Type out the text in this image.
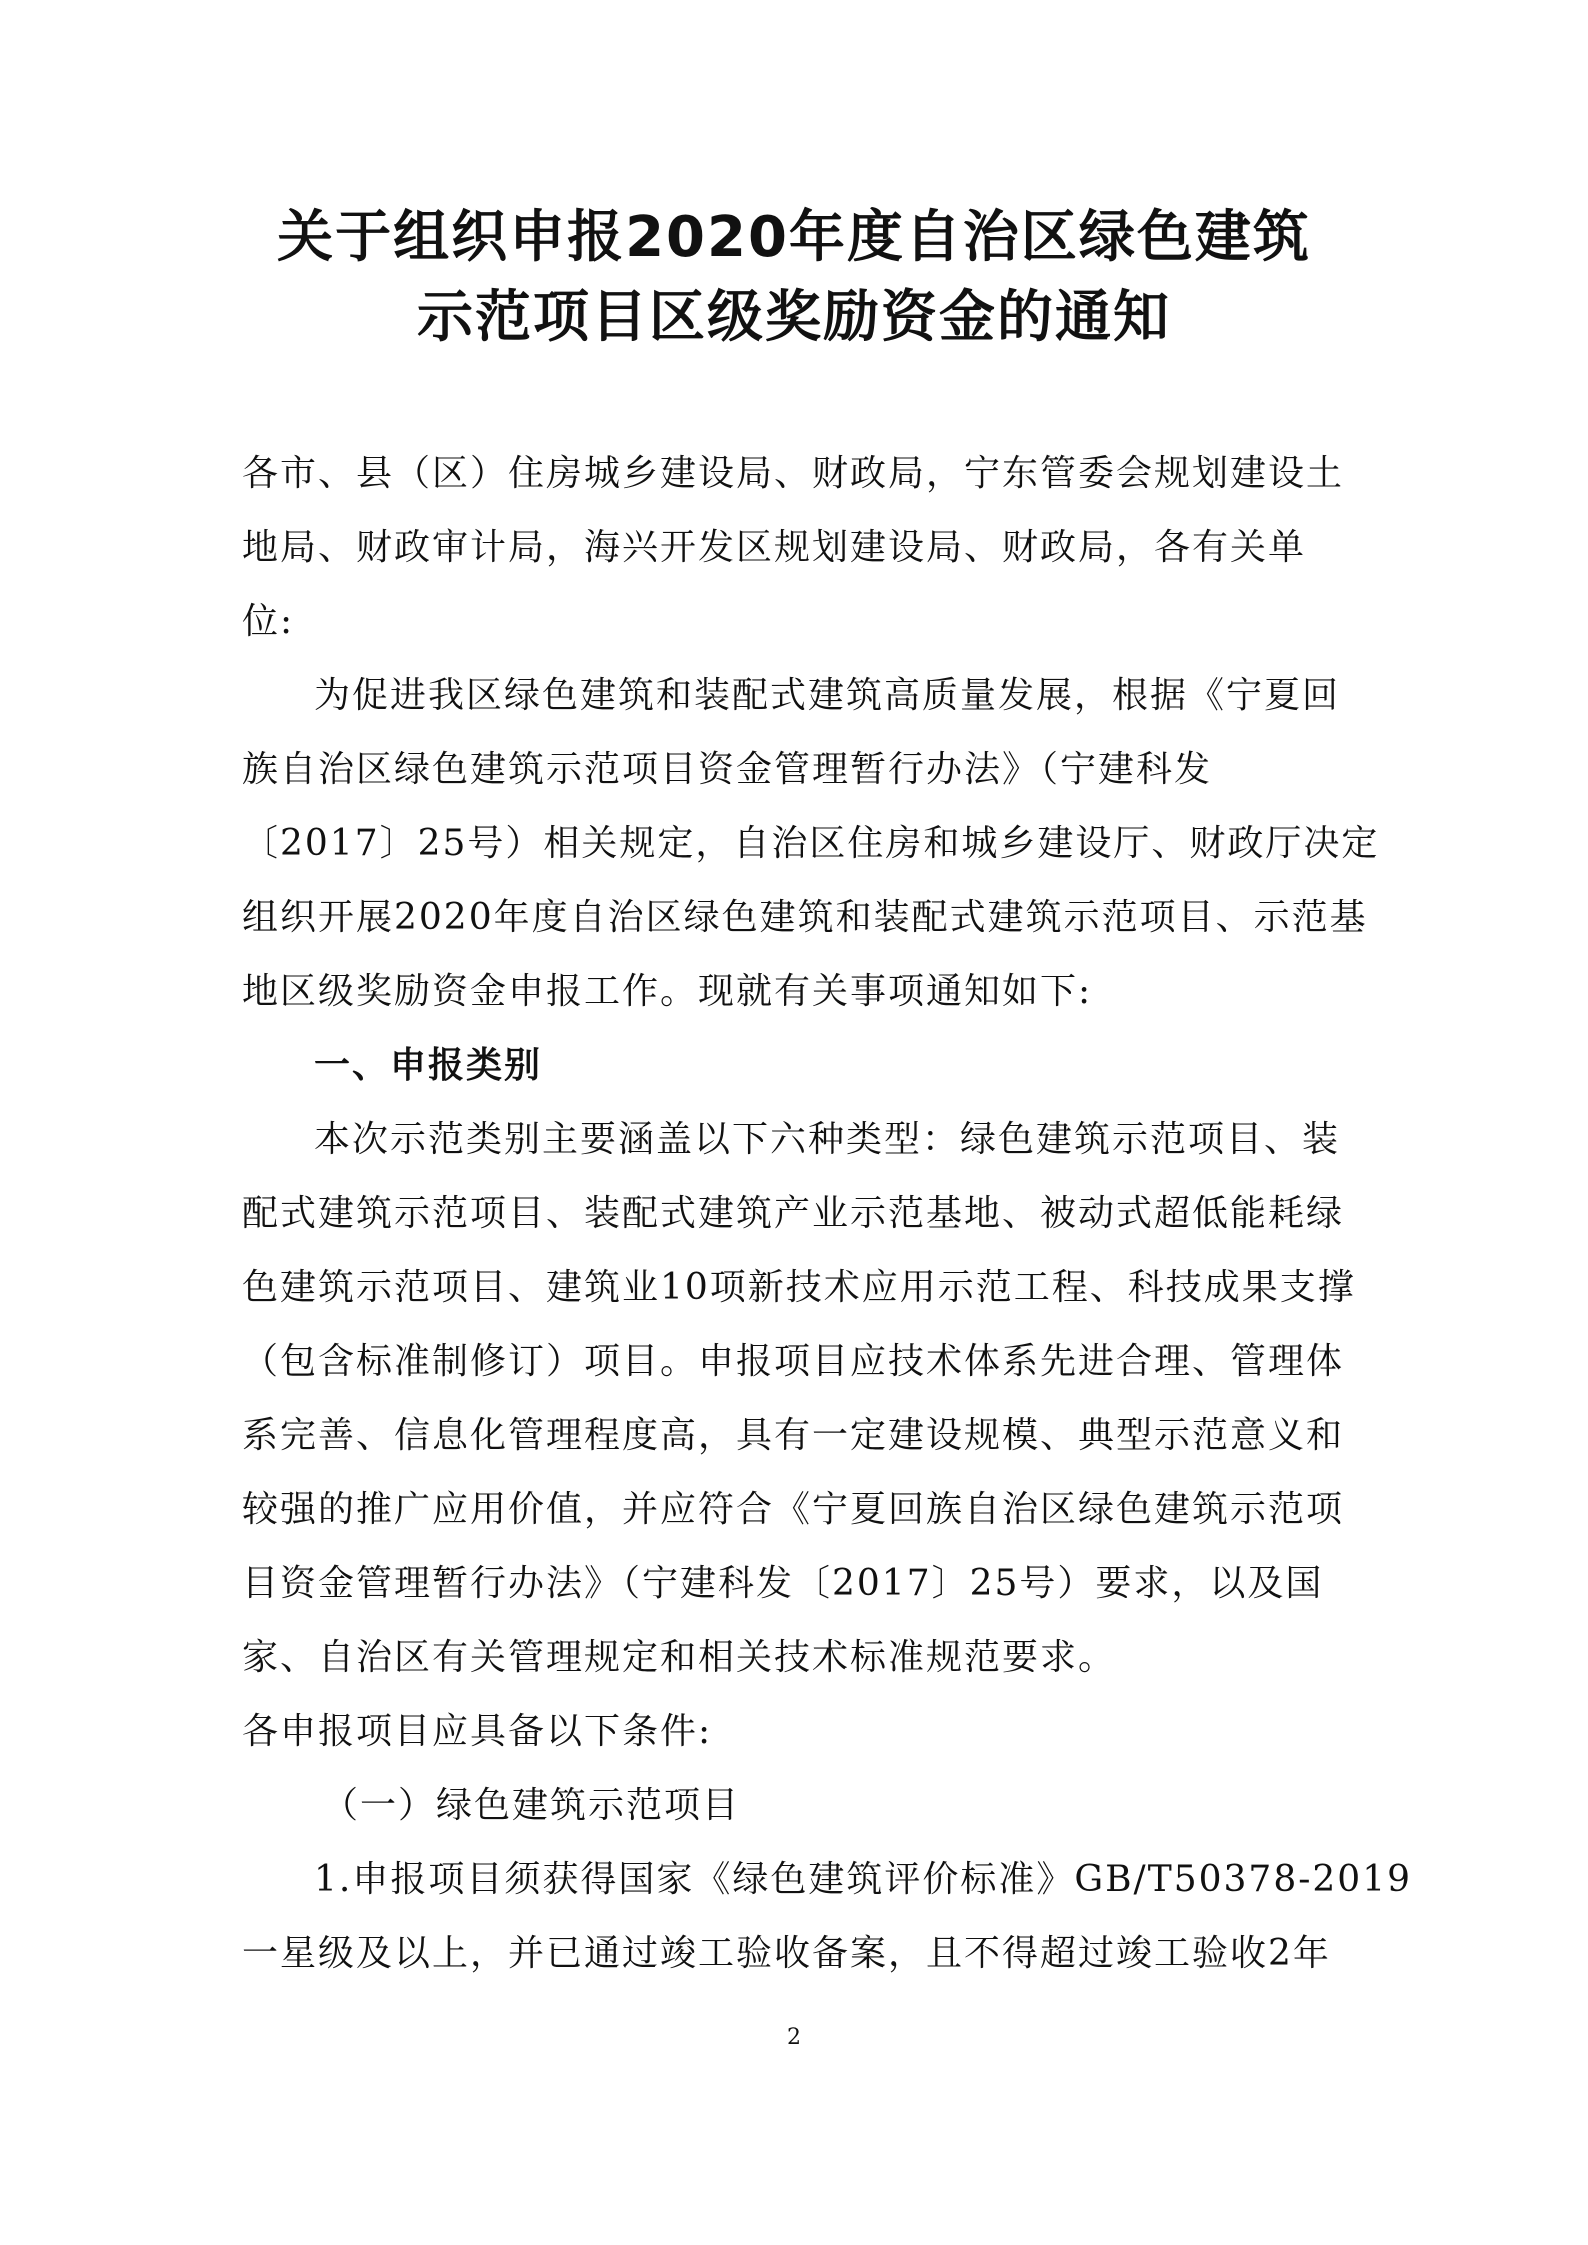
关于组织申报2020年度自治区绿色建筑
示范项目区级奖励资金的通知
各市、县（区）住房城乡建设局、财政局，宁东管委会规划建设土
地局、财政审计局，海兴开发区规划建设局、财政局，各有关单
位:
为促进我区绿色建筑和装配式建筑高质量发展，根据《宁夏回
族自治区绿色建筑示范项目资金管理暂行办法》（宁建科发
〔2017〕25号）相关规定，自治区住房和城乡建设厅、财政厅决定
组织开展2020年度自治区绿色建筑和装配式建筑示范项目、示范基
地区级奖励资金申报工作。现就有关事项通知如下:
一、申报类别
本次示范类别主要涵盖以下六种类型：绿色建筑示范项目、装
配式建筑示范项目、装配式建筑产业示范基地、被动式超低能耗绿
色建筑示范项目、建筑业10项新技术应用示范工程、科技成果支撑
（包含标准制修订）项目。申报项目应技术体系先进合理、管理体
系完善、信息化管理程度高，具有一定建设规模、典型示范意义和
较强的推广应用价值，并应符合《宁夏回族自治区绿色建筑示范项
目资金管理暂行办法》（宁建科发〔2017〕25号）要求，以及国
家、自治区有关管理规定和相关技术标准规范要求。
各申报项目应具备以下条件:
（一）绿色建筑示范项目
1.申报项目须获得国家《绿色建筑评价标准》GB/T50378-2019
一星级及以上，并已通过竣工验收备案，且不得超过竣工验收2年
2
